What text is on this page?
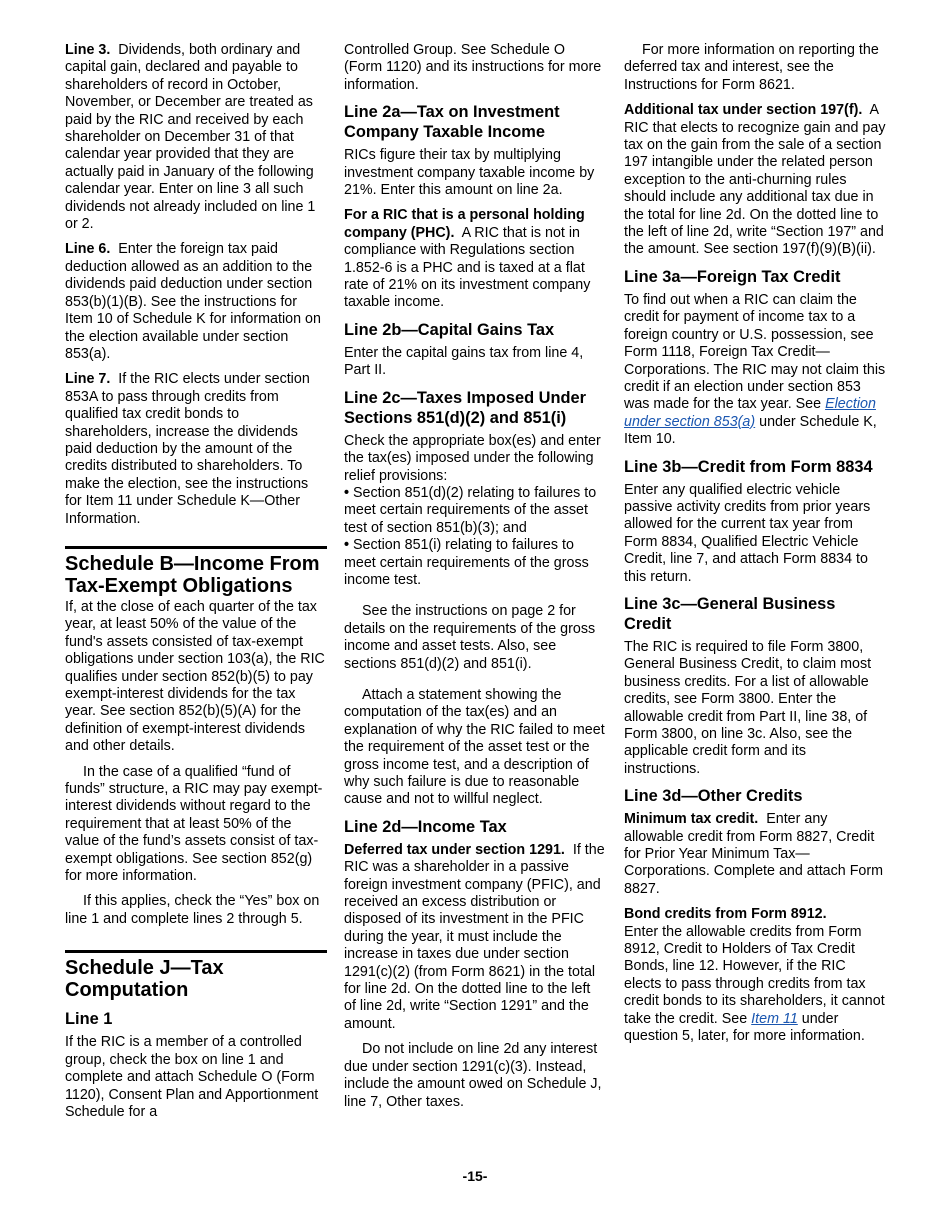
Line 3. Dividends, both ordinary and capital gain, declared and payable to shareholders of record in October, November, or December are treated as paid by the RIC and received by each shareholder on December 31 of that calendar year provided that they are actually paid in January of the following calendar year. Enter on line 3 all such dividends not already included on line 1 or 2.

Line 6. Enter the foreign tax paid deduction allowed as an addition to the dividends paid deduction under section 853(b)(1)(B). See the instructions for Item 10 of Schedule K for information on the election available under section 853(a).

Line 7. If the RIC elects under section 853A to pass through credits from qualified tax credit bonds to shareholders, increase the dividends paid deduction by the amount of the credits distributed to shareholders. To make the election, see the instructions for Item 11 under Schedule K—Other Information.

Schedule B—Income From Tax-Exempt Obligations

If, at the close of each quarter of the tax year, at least 50% of the value of the fund's assets consisted of tax-exempt obligations under section 103(a), the RIC qualifies under section 852(b)(5) to pay exempt-interest dividends for the tax year. See section 852(b)(5)(A) for the definition of exempt-interest dividends and other details.

In the case of a qualified “fund of funds” structure, a RIC may pay exempt-interest dividends without regard to the requirement that at least 50% of the value of the fund’s assets consist of tax-exempt obligations. See section 852(g) for more information.

If this applies, check the “Yes” box on line 1 and complete lines 2 through 5.

Schedule J—Tax Computation
Line 1

If the RIC is a member of a controlled group, check the box on line 1 and complete and attach Schedule O (Form 1120), Consent Plan and Apportionment Schedule for a

Controlled Group. See Schedule O (Form 1120) and its instructions for more information.

Line 2a—Tax on Investment Company Taxable Income

RICs figure their tax by multiplying investment company taxable income by 21%. Enter this amount on line 2a.

For a RIC that is a personal holding company (PHC). A RIC that is not in compliance with Regulations section 1.852-6 is a PHC and is taxed at a flat rate of 21% on its investment company taxable income.

Line 2b—Capital Gains Tax

Enter the capital gains tax from line 4, Part II.

Line 2c—Taxes Imposed Under Sections 851(d)(2) and 851(i)

Check the appropriate box(es) and enter the tax(es) imposed under the following relief provisions:

• Section 851(d)(2) relating to failures to meet certain requirements of the asset test of section 851(b)(3); and

• Section 851(i) relating to failures to meet certain requirements of the gross income test.

See the instructions on page 2 for details on the requirements of the gross income and asset tests. Also, see sections 851(d)(2) and 851(i).

Attach a statement showing the computation of the tax(es) and an explanation of why the RIC failed to meet the requirement of the asset test or the gross income test, and a description of why such failure is due to reasonable cause and not to willful neglect.

Line 2d—Income Tax

Deferred tax under section 1291. If the RIC was a shareholder in a passive foreign investment company (PFIC), and received an excess distribution or disposed of its investment in the PFIC during the year, it must include the increase in taxes due under section 1291(c)(2) (from Form 8621) in the total for line 2d. On the dotted line to the left of line 2d, write “Section 1291” and the amount.

Do not include on line 2d any interest due under section 1291(c)(3). Instead, include the amount owed on Schedule J, line 7, Other taxes.

For more information on reporting the deferred tax and interest, see the Instructions for Form 8621.

Additional tax under section 197(f). A RIC that elects to recognize gain and pay tax on the gain from the sale of a section 197 intangible under the related person exception to the anti-churning rules should include any additional tax due in the total for line 2d. On the dotted line to the left of line 2d, write “Section 197” and the amount. See section 197(f)(9)(B)(ii).

Line 3a—Foreign Tax Credit

To find out when a RIC can claim the credit for payment of income tax to a foreign country or U.S. possession, see Form 1118, Foreign Tax Credit—Corporations. The RIC may not claim this credit if an election under section 853 was made for the tax year. See Election under section 853(a) under Schedule K, Item 10.

Line 3b—Credit from Form 8834

Enter any qualified electric vehicle passive activity credits from prior years allowed for the current tax year from Form 8834, Qualified Electric Vehicle Credit, line 7, and attach Form 8834 to this return.

Line 3c—General Business Credit

The RIC is required to file Form 3800, General Business Credit, to claim most business credits. For a list of allowable credits, see Form 3800. Enter the allowable credit from Part II, line 38, of Form 3800, on line 3c. Also, see the applicable credit form and its instructions.

Line 3d—Other Credits

Minimum tax credit. Enter any allowable credit from Form 8827, Credit for Prior Year Minimum Tax—Corporations. Complete and attach Form 8827.

Bond credits from Form 8912.
Enter the allowable credits from Form 8912, Credit to Holders of Tax Credit Bonds, line 12. However, if the RIC elects to pass through credits from tax credit bonds to its shareholders, it cannot take the credit. See Item 11 under question 5, later, for more information.

-15-
